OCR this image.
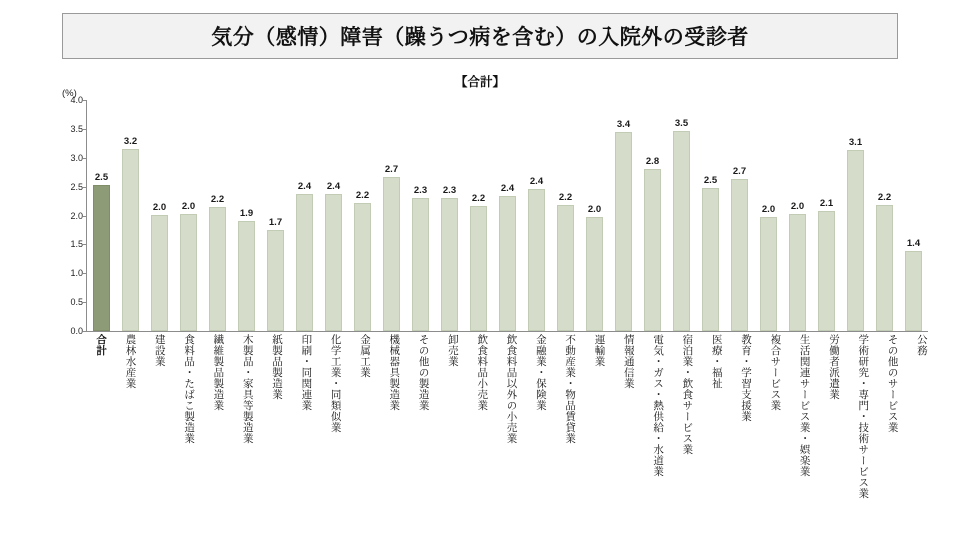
気分（感情）障害（躁うつ病を含む）の入院外の受診者
【合計】
(%)
2.5
3.2
2.0	2.0
2.2
1.9
1.7
2.4	2.4
2.2
2.7
2.3	2.3
2.2
2.4
2.4
2.2
2.0
3.4
2.8
3.5
2.5
2.7
2.0	2.0	2.1
3.1
2.2
1.4
0.0
0.5
1.0
1.5
2.0
2.5
3.0
3.5
4.0
合計 農林水産業 建設業 食料品・たばこ製造業 繊維製品製造業 木製品・家具等製造業 紙製品製造業 印刷・同関連業 化学工業・同類似業 金属工業 機械器具製造業 その他の製造業 卸売業 飲食料品小売業 飲食料品以外の小売業 金融業・保険業 不動産業・物品賃貸業 運輸業 情報通信業 電気・ガス・熱供給・水道業 宿泊業・飲食サービス業 医療・福祉 教育・学習支援業 複合サービス業 生活関連サービス業・娯楽業 労働者派遣業 学術研究・専門・技術サービス業 その他のサービス業 公務
